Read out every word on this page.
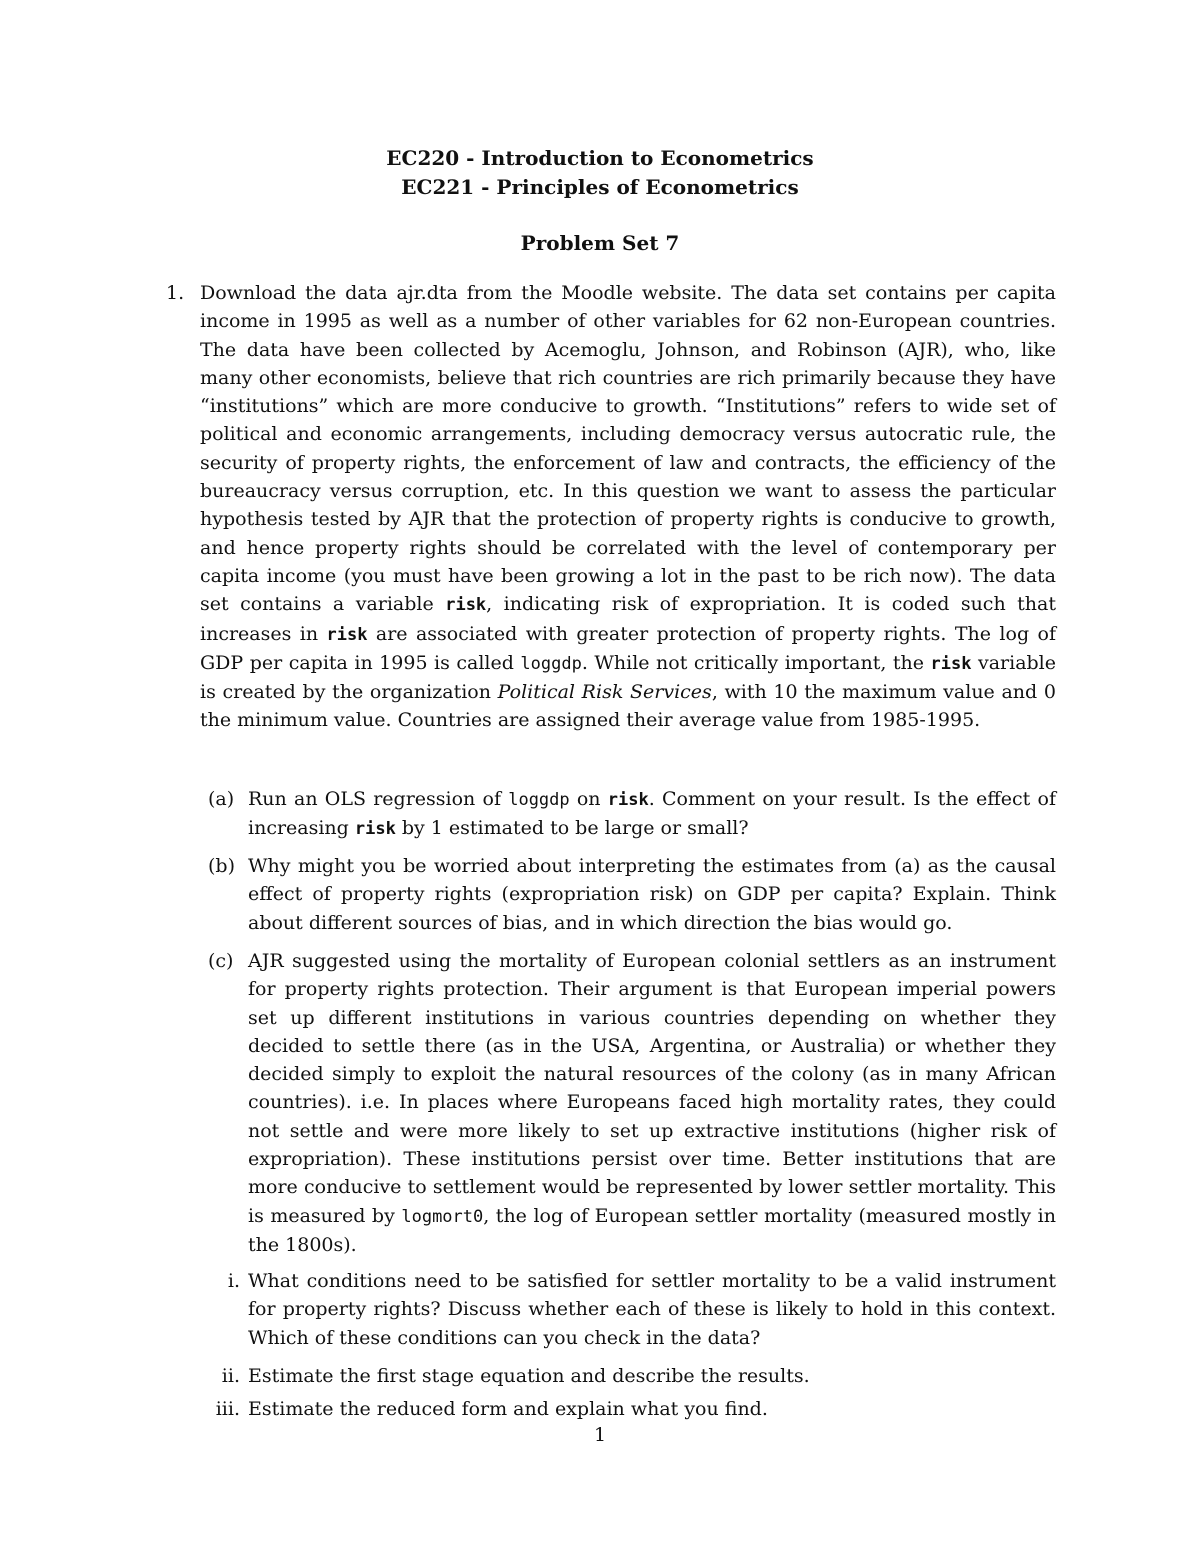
EC220 - Introduction to Econometrics
EC221 - Principles of Econometrics
Problem Set 7
1. Download the data ajr.dta from the Moodle website. The data set contains per capita income in 1995 as well as a number of other variables for 62 non-European countries. The data have been collected by Acemoglu, Johnson, and Robinson (AJR), who, like many other economists, believe that rich countries are rich primarily because they have “institutions” which are more conducive to growth. “Institutions” refers to wide set of political and economic arrangements, including democracy versus autocratic rule, the security of property rights, the enforcement of law and contracts, the efficiency of the bureaucracy versus corruption, etc. In this question we want to assess the particular hypothesis tested by AJR that the protection of property rights is conducive to growth, and hence property rights should be correlated with the level of contemporary per capita income (you must have been growing a lot in the past to be rich now). The data set contains a variable risk, indicating risk of expropriation. It is coded such that increases in risk are associated with greater protection of property rights. The log of GDP per capita in 1995 is called loggdp. While not critically important, the risk variable is created by the organization Political Risk Services, with 10 the maximum value and 0 the minimum value. Countries are assigned their average value from 1985-1995.
(a) Run an OLS regression of loggdp on risk. Comment on your result. Is the effect of increasing risk by 1 estimated to be large or small?
(b) Why might you be worried about interpreting the estimates from (a) as the causal effect of property rights (expropriation risk) on GDP per capita? Explain. Think about different sources of bias, and in which direction the bias would go.
(c) AJR suggested using the mortality of European colonial settlers as an instrument for property rights protection. Their argument is that European imperial powers set up different institutions in various countries depending on whether they decided to settle there (as in the USA, Argentina, or Australia) or whether they decided simply to exploit the natural resources of the colony (as in many African countries). i.e. In places where Europeans faced high mortality rates, they could not settle and were more likely to set up extractive institutions (higher risk of expropriation). These institutions persist over time. Better institutions that are more conducive to settlement would be represented by lower settler mortality. This is measured by logmort0, the log of European settler mortality (measured mostly in the 1800s).
i. What conditions need to be satisfied for settler mortality to be a valid instrument for property rights? Discuss whether each of these is likely to hold in this context. Which of these conditions can you check in the data?
ii. Estimate the first stage equation and describe the results.
iii. Estimate the reduced form and explain what you find.
1
